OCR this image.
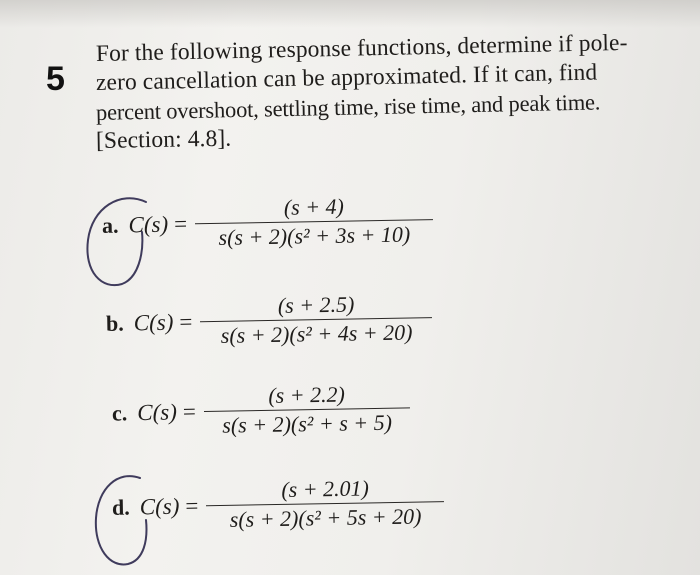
5
For the following response functions, determine if pole-
zero cancellation can be approximated. If it can, find
percent overshoot, settling time, rise time, and peak time.
[Section: 4.8].
a. C(s) =
(s + 4)
s(s + 2)(s² + 3s + 10)
b. C(s) =
(s + 2.5)
s(s + 2)(s² + 4s + 20)
c. C(s) =
(s + 2.2)
s(s + 2)(s² + s + 5)
d. C(s) =
(s + 2.01)
s(s + 2)(s² + 5s + 20)
